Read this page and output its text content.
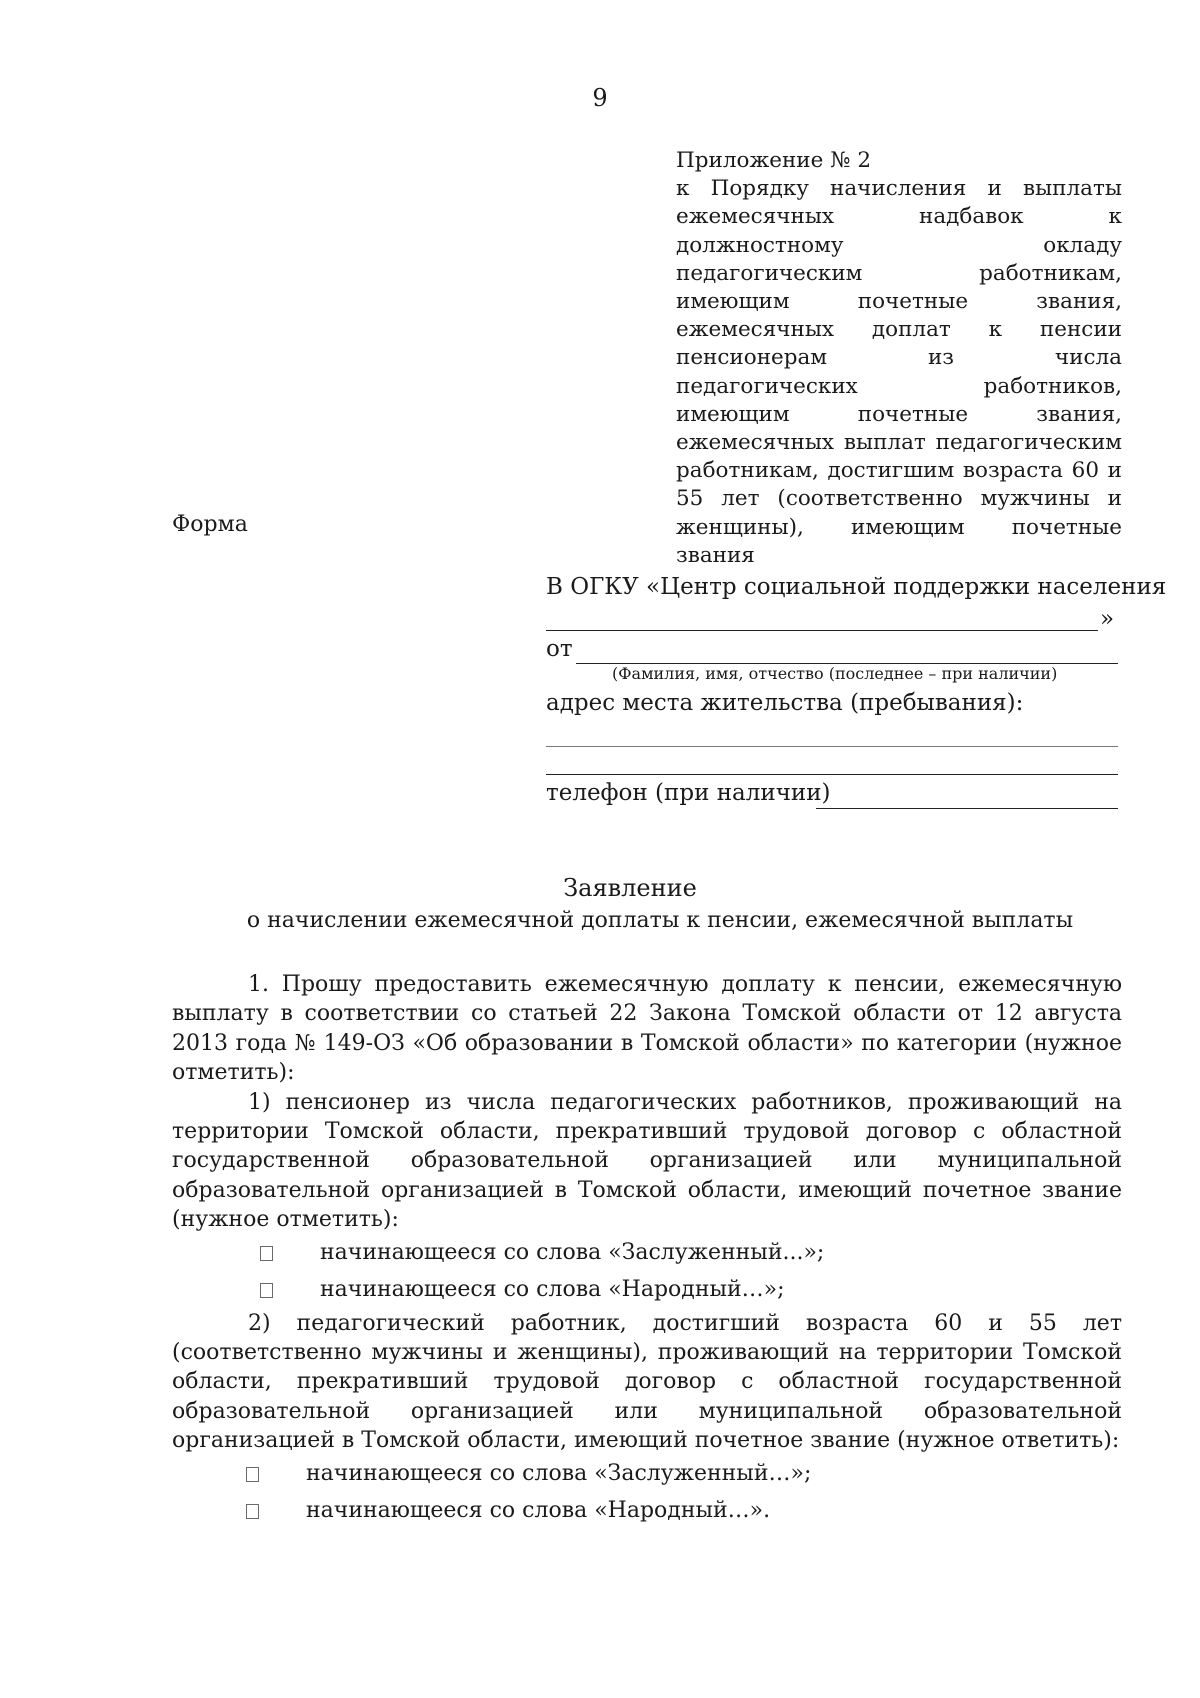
9
Приложение № 2
к Порядку начисления и выплаты ежемесячных надбавок к должностному окладу педагогическим работникам, имеющим почетные звания, ежемесячных доплат к пенсии пенсионерам из числа педагогических работников, имеющим почетные звания, ежемесячных выплат педагогическим работникам, достигшим возраста 60 и 55 лет (соответственно мужчины и женщины), имеющим почетные звания
Форма
В ОГКУ «Центр социальной поддержки населения
»
от
(Фамилия, имя, отчество (последнее – при наличии)
адрес места жительства (пребывания):
телефон (при наличии)
Заявление
о начислении ежемесячной доплаты к пенсии, ежемесячной выплаты

1. Прошу предоставить ежемесячную доплату к пенсии, ежемесячную выплату в соответствии со статьей 22 Закона Томской области от 12 августа 2013 года № 149-ОЗ «Об образовании в Томской области» по категории (нужное отметить):

1) пенсионер из числа педагогических работников, проживающий на территории Томской области, прекративший трудовой договор с областной государственной образовательной организацией или муниципальной образовательной организацией в Томской области, имеющий почетное звание (нужное отметить):

начинающееся со слова «Заслуженный...»;
начинающееся со слова «Народный…»;

2) педагогический работник, достигший возраста 60 и 55 лет (соответственно мужчины и женщины), проживающий на территории Томской области, прекративший трудовой договор с областной государственной образовательной организацией или муниципальной образовательной организацией в Томской области, имеющий почетное звание (нужное ответить):

начинающееся со слова «Заслуженный…»;
начинающееся со слова «Народный…».
